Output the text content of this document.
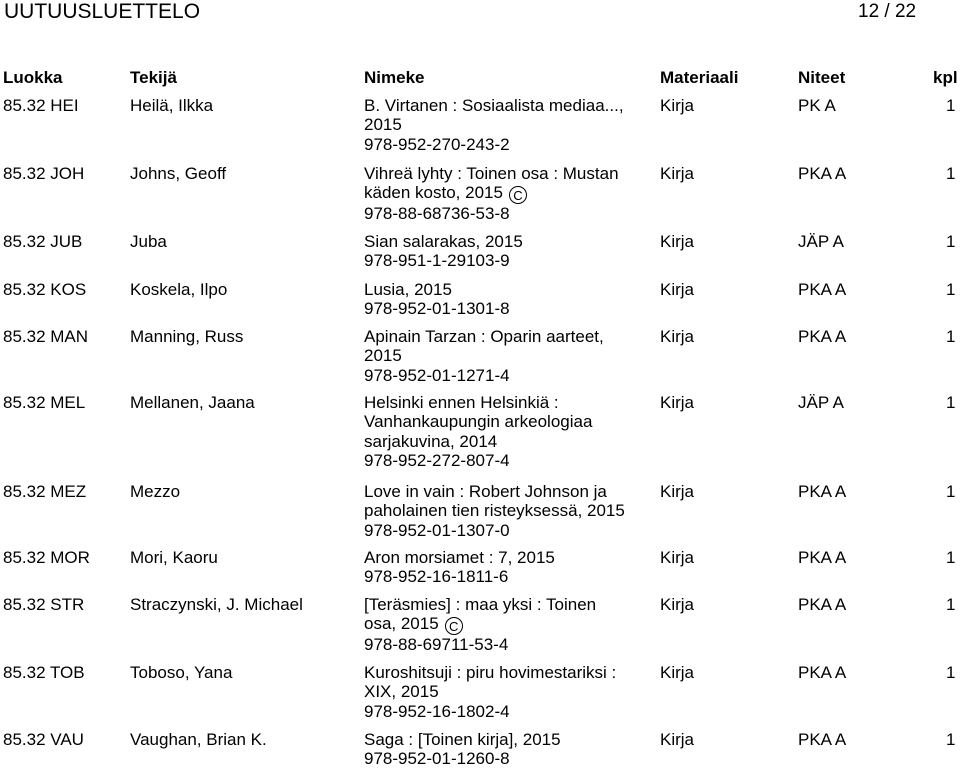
UUTUUSLUETTELO	12 / 22
Luokka	Tekijä	Nimeke	Materiaali	Niteet	kpl
85.32 HEI	Heilä, Ilkka	B. Virtanen : Sosiaalista mediaa...,
2015
978-952-270-243-2
Kirja	PK A	1
85.32 JOH	Johns, Geoff	Vihreä lyhty : Toinen osa : Mustan
käden kosto, 2015 C
978-88-68736-53-8
Kirja	PKA A	1
85.32 JUB	Juba	Sian salarakas, 2015
978-951-1-29103-9
Kirja	JÄP A	1
85.32 KOS	Koskela, Ilpo	Lusia, 2015
978-952-01-1301-8
Kirja	PKA A	1
85.32 MAN Manning, Russ	Apinain Tarzan : Oparin aarteet,
2015
978-952-01-1271-4
Kirja	PKA A	1
85.32 MEL	Mellanen, Jaana	Helsinki ennen Helsinkiä :
Vanhankaupungin arkeologiaa
sarjakuvina, 2014
978-952-272-807-4
Kirja	JÄP A	1
85.32 MEZ	Mezzo	Love in vain : Robert Johnson ja
paholainen tien risteyksessä, 2015
978-952-01-1307-0
Kirja	PKA A	1
85.32 MOR Mori, Kaoru	Aron morsiamet : 7, 2015
978-952-16-1811-6
Kirja	PKA A	1
85.32 STR	Straczynski, J. Michael	[Teräsmies] : maa yksi : Toinen
osa, 2015 C
978-88-69711-53-4
Kirja	PKA A	1
85.32 TOB	Toboso, Yana	Kuroshitsuji : piru hovimestariksi :
XIX, 2015
978-952-16-1802-4
Kirja	PKA A	1
85.32 VAU	Vaughan, Brian K.	Saga : [Toinen kirja], 2015
978-952-01-1260-8
Kirja	PKA A	1
